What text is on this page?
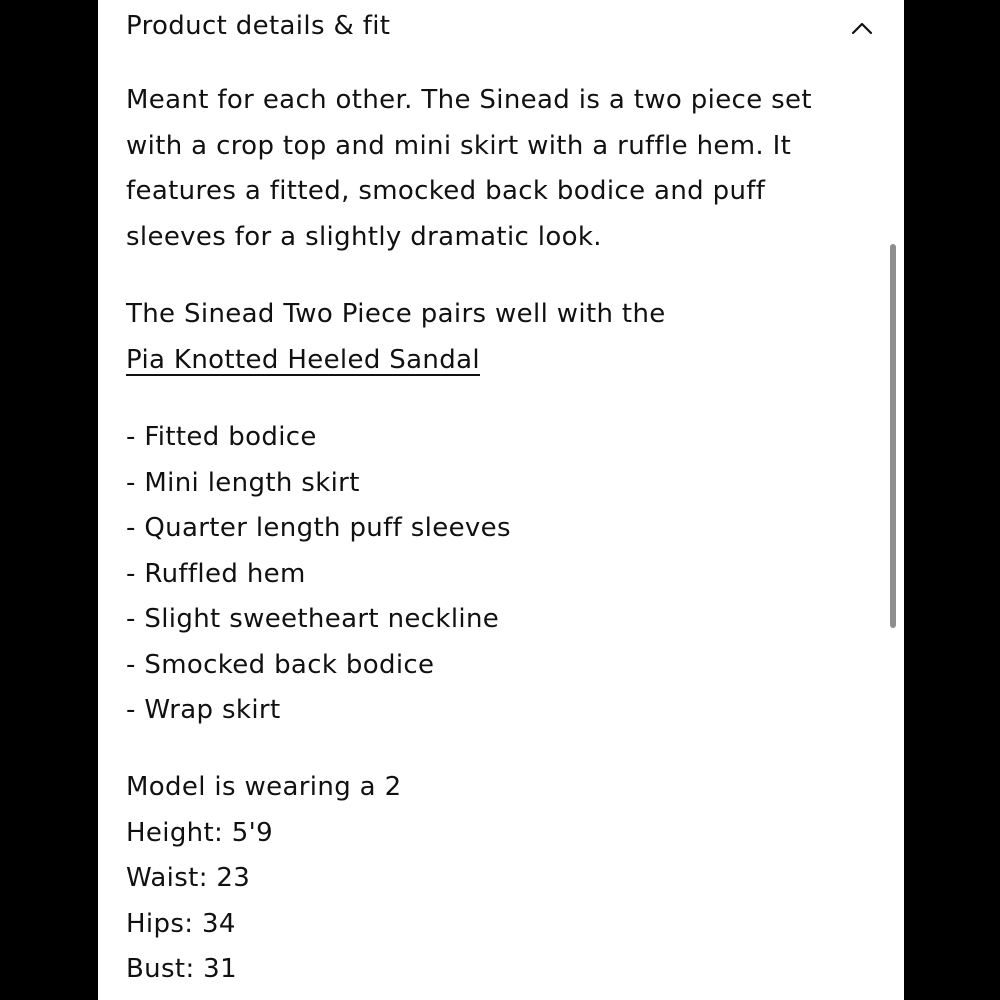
Product details & fit

Meant for each other. The Sinead is a two piece set
with a crop top and mini skirt with a ruffle hem. It
features a fitted, smocked back bodice and puff
sleeves for a slightly dramatic look.

The Sinead Two Piece pairs well with the
Pia Knotted Heeled Sandal

- Fitted bodice
- Mini length skirt
- Quarter length puff sleeves
- Ruffled hem
- Slight sweetheart neckline
- Smocked back bodice
- Wrap skirt

Model is wearing a 2
Height: 5'9
Waist: 23
Hips: 34
Bust: 31
